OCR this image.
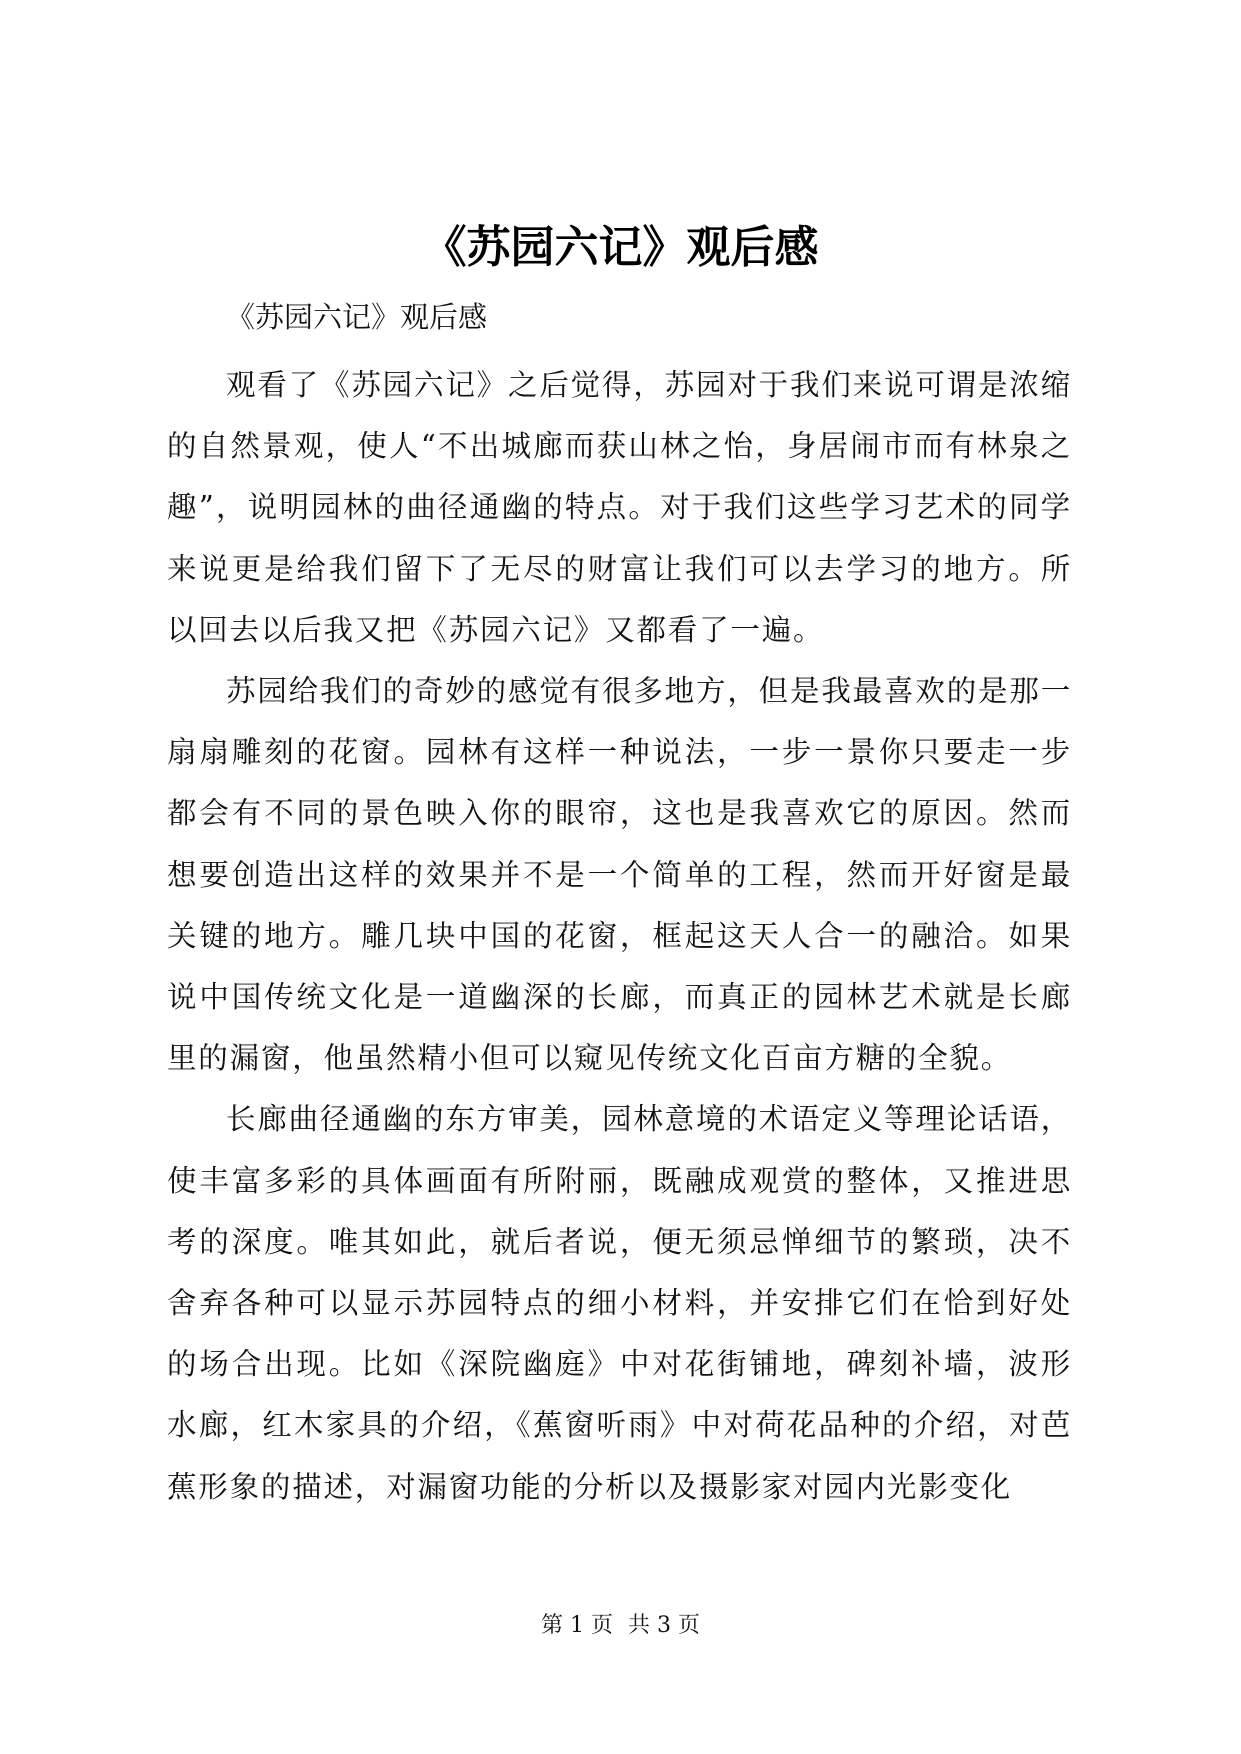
《苏园六记》观后感
《苏园六记》观后感

观看了《苏园六记》之后觉得，苏园对于我们来说可谓是浓缩的自然景观，使人“不出城廊而获山林之怡，身居闹市而有林泉之趣”，说明园林的曲径通幽的特点。对于我们这些学习艺术的同学来说更是给我们留下了无尽的财富让我们可以去学习的地方。所以回去以后我又把《苏园六记》又都看了一遍。

苏园给我们的奇妙的感觉有很多地方，但是我最喜欢的是那一扇扇雕刻的花窗。园林有这样一种说法，一步一景你只要走一步都会有不同的景色映入你的眼帘，这也是我喜欢它的原因。然而想要创造出这样的效果并不是一个简单的工程，然而开好窗是最关键的地方。雕几块中国的花窗，框起这天人合一的融洽。如果说中国传统文化是一道幽深的长廊，而真正的园林艺术就是长廊里的漏窗，他虽然精小但可以窥见传统文化百亩方糖的全貌。

长廊曲径通幽的东方审美，园林意境的术语定义等理论话语，使丰富多彩的具体画面有所附丽，既融成观赏的整体，又推进思考的深度。唯其如此，就后者说，便无须忌惮细节的繁琐，决不舍弃各种可以显示苏园特点的细小材料，并安排它们在恰到好处的场合出现。比如《深院幽庭》中对花街铺地，碑刻补墙，波形水廊，红木家具的介绍，《蕉窗听雨》中对荷花品种的介绍，对芭蕉形象的描述，对漏窗功能的分析以及摄影家对园内光影变化

第 1 页 共 3 页
